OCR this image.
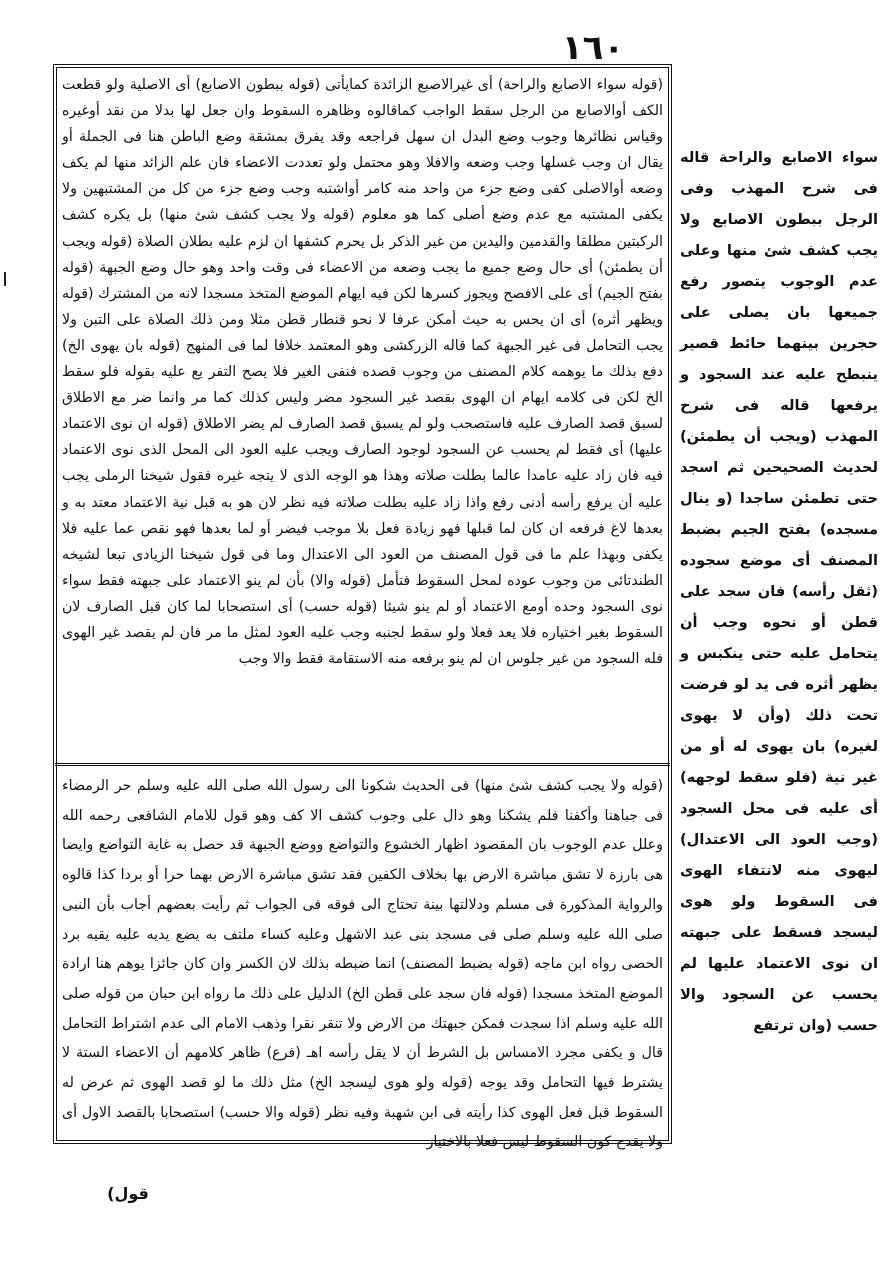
١٦٠

(قوله سواء الاصابع والراحة) أى غيرالاصبع الزائدة كمايأتى (قوله ببطون الاصابع) أى الاصلية ولو قطعت الكف أوالاصابع من الرجل سقط الواجب كماقالوه وظاهره السقوط وان جعل لها بدلا من نقد أوغيره وقياس نظائرها وجوب وضع البدل ان سهل فراجعه وقد يفرق بمشقة وضع الباطن هنا فى الجملة أو يقال ان وجب غسلها وجب وضعه والافلا وهو محتمل ولو تعددت الاعضاء فان علم الزائد منها لم يكف وضعه أوالاصلى كفى وضع جزء من واحد منه كامر أواشتبه وجب وضع جزء من كل من المشتبهين ولا يكفى المشتبه مع عدم وضع أصلى كما هو معلوم (قوله ولا يجب كشف شئ منها) بل يكره كشف الركبتين مطلقا والقدمين واليدين من غير الذكر بل يحرم كشفها ان لزم عليه بطلان الصلاة (قوله ويجب أن يطمئن) أى حال وضع جميع ما يجب وضعه من الاعضاء فى وقت واحد وهو حال وضع الجبهة (قوله بفتح الجيم) أى على الافصح ويجوز كسرها لكن فيه ايهام الموضع المتخذ مسجدا لانه من المشترك (قوله ويظهر أثره) أى ان يحس به حيث أمكن عرفا لا نحو قنطار قطن مثلا ومن ذلك الصلاة على التبن ولا يجب التحامل فى غير الجبهة كما قاله الزركشى وهو المعتمد خلافا لما فى المنهج (قوله بان يهوى الخ) دفع بذلك ما يوهمه كلام المصنف من وجوب قصده فنفى الغير فلا يصح التفر يع عليه بقوله فلو سقط الخ لكن فى كلامه ايهام ان الهوى بقصد غير السجود مضر وليس كذلك كما مر وانما ضر مع الاطلاق لسبق قصد الصارف عليه فاستصحب ولو لم يسبق قصد الصارف لم يضر الاطلاق (قوله ان نوى الاعتماد عليها) أى فقط لم يحسب عن السجود لوجود الصارف ويجب عليه العود الى المحل الذى نوى الاعتماد فيه فان زاد عليه عامدا عالما بطلت صلاته وهذا هو الوجه الذى لا يتجه غيره فقول شيخنا الرملى يجب عليه أن يرفع رأسه أدنى رفع واذا زاد عليه بطلت صلاته فيه نظر لان هو به قبل نية الاعتماد معتد به و بعدها لاغ فرفعه ان كان لما قبلها فهو زيادة فعل بلا موجب فيضر أو لما بعدها فهو نقص عما عليه فلا يكفى وبهذا علم ما فى قول المصنف من العود الى الاعتدال وما فى قول شيخنا الزيادى تبعا لشيخه الطندتائى من وجوب عوده لمحل السقوط فتأمل (قوله والا) بأن لم ينو الاعتماد على جبهته فقط سواء نوى السجود وحده أومع الاعتماد أو لم ينو شيئا (قوله حسب) أى استصحابا لما كان قبل الصارف لان السقوط بغير اختياره فلا يعد فعلا ولو سقط لجنبه وجب عليه العود لمثل ما مر فان لم يقصد غير الهوى فله السجود من غير جلوس ان لم ينو برفعه منه الاستقامة فقط والا وجب

(قوله ولا يجب كشف شئ منها) فى الحديث شكونا الى رسول الله صلى الله عليه وسلم حر الرمضاء فى جباهنا وأكفنا فلم يشكنا وهو دال على وجوب كشف الا كف وهو قول للامام الشافعى رحمه الله وعلل عدم الوجوب بان المقصود اظهار الخشوع والتواضع ووضع الجبهة قد حصل به غاية التواضع وايضا هى بارزة لا تشق مباشرة الارض بها بخلاف الكفين فقد تشق مباشرة الارض بهما حرا أو بردا كذا قالوه والرواية المذكورة فى مسلم ودلالتها بينة تحتاج الى فوقه فى الجواب ثم رأيت بعضهم أجاب بأن النبى صلى الله عليه وسلم صلى فى مسجد بنى عبد الاشهل وعليه كساء ملتف به يضع يديه عليه يقيه برد الحصى رواه ابن ماجه (قوله بضبط المصنف) انما ضبطه بذلك لان الكسر وان كان جائزا يوهم هنا ارادة الموضع المتخذ مسجدا (قوله فان سجد على قطن الخ) الدليل على ذلك ما رواه ابن حبان من قوله صلى الله عليه وسلم اذا سجدت فمكن جبهتك من الارض ولا تنقر نقرا وذهب الامام الى عدم اشتراط التحامل قال و يكفى مجرد الامساس بل الشرط أن لا يقل رأسه اهـ (فرع) ظاهر كلامهم أن الاعضاء الستة لا يشترط فيها التحامل وقد يوجه (قوله ولو هوى ليسجد الخ) مثل ذلك ما لو قصد الهوى ثم عرض له السقوط قبل فعل الهوى كذا رأيته فى ابن شهبة وفيه نظر (قوله والا حسب) استصحابا بالقصد الاول أى ولا يقدح كون السقوط ليس فعلا بالاختيار

سواء الاصابع والراحة قاله فى شرح المهذب وفى الرجل ببطون الاصابع ولا يجب كشف شئ منها وعلى عدم الوجوب يتصور رفع جميعها بان يصلى على حجرين بينهما حائط قصير ينبطح عليه عند السجود و يرفعها قاله فى شرح المهذب (ويجب أن يطمئن) لحديث الصحيحين ثم اسجد حتى تطمئن ساجدا (و ينال مسجده) بفتح الجيم بضبط المصنف أى موضع سجوده (ثقل رأسه) فان سجد على قطن أو نحوه وجب أن يتحامل عليه حتى ينكبس و يظهر أثره فى يد لو فرضت تحت ذلك (وأن لا يهوى لغيره) بان يهوى له أو من غير نية (فلو سقط لوجهه) أى عليه فى محل السجود (وجب العود الى الاعتدال) ليهوى منه لانتفاء الهوى فى السقوط ولو هوى ليسجد فسقط على جبهته ان نوى الاعتماد عليها لم يحسب عن السجود والا حسب (وان ترتفع

(قول
